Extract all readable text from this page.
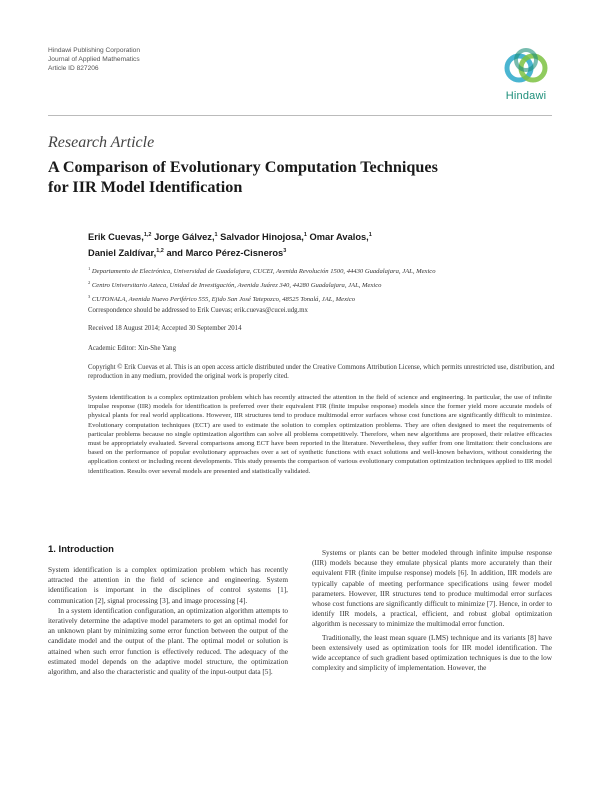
Hindawi Publishing Corporation
Journal of Applied Mathematics
Article ID 827206
Hindawi
Research Article
A Comparison of Evolutionary Computation Techniques
for IIR Model Identification
Erik Cuevas,$^{1,2}$ Jorge Gálvez,$^1$ Salvador Hinojosa,$^1$ Omar Avalos,$^1$
Daniel Zaldívar,$^{1,2}$ and Marco Pérez-Cisneros$^3$
$^1$ Departamento de Electrónica, Universidad de Guadalajara, CUCEI, Avenida Revolución 1500, 44430 Guadalajara, JAL, Mexico
$^2$ Centro Universitario Azteca, Unidad de Investigación, Avenida Juárez 340, 44280 Guadalajara, JAL, Mexico
$^3$ CUTONALA, Avenida Nuevo Periférico 555, Ejido San José Tatepozco, 48525 Tonalá, JAL, Mexico
Correspondence should be addressed to Erik Cuevas; erik.cuevas@cucei.udg.mx
Received 18 August 2014; Accepted 30 September 2014
Academic Editor: Xin-She Yang
Copyright © Erik Cuevas et al. This is an open access article distributed under the Creative Commons Attribution License, which permits unrestricted use, distribution, and reproduction in any medium, provided the original work is properly cited.
System identification is a complex optimization problem which has recently attracted the attention in the field of science and engineering. In particular, the use of infinite impulse response (IIR) models for identification is preferred over their equivalent FIR (finite impulse response) models since the former yield more accurate models of physical plants for real world applications. However, IIR structures tend to produce multimodal error surfaces whose cost functions are significantly difficult to minimize. Evolutionary computation techniques (ECT) are used to estimate the solution to complex optimization problems. They are often designed to meet the requirements of particular problems because no single optimization algorithm can solve all problems competitively. Therefore, when new algorithms are proposed, their relative efficacies must be appropriately evaluated. Several comparisons among ECT have been reported in the literature. Nevertheless, they suffer from one limitation: their conclusions are based on the performance of popular evolutionary approaches over a set of synthetic functions with exact solutions and well-known behaviors, without considering the application context or including recent developments. This study presents the comparison of various evolutionary computation optimization techniques applied to IIR model identification. Results over several models are presented and statistically validated.
1. Introduction

System identification is a complex optimization problem which has recently attracted the attention in the field of science and engineering. System identification is important in the disciplines of control systems [1], communication [2], signal processing [3], and image processing [4].

In a system identification configuration, an optimization algorithm attempts to iteratively determine the adaptive model parameters to get an optimal model for an unknown plant by minimizing some error function between the output of the candidate model and the output of the plant. The optimal model or solution is attained when such error function is effectively reduced. The adequacy of the estimated model depends on the adaptive model structure, the optimization algorithm, and also the characteristic and quality of the input-output data [5].

Systems or plants can be better modeled through infinite impulse response (IIR) models because they emulate physical plants more accurately than their equivalent FIR (finite impulse response) models [6]. In addition, IIR models are typically capable of meeting performance specifications using fewer model parameters. However, IIR structures tend to produce multimodal error surfaces whose cost functions are significantly difficult to minimize [7]. Hence, in order to identify IIR models, a practical, efficient, and robust global optimization algorithm is necessary to minimize the multimodal error function.

Traditionally, the least mean square (LMS) technique and its variants [8] have been extensively used as optimization tools for IIR model identification. The wide acceptance of such gradient based optimization techniques is due to the low complexity and simplicity of implementation. However, the
